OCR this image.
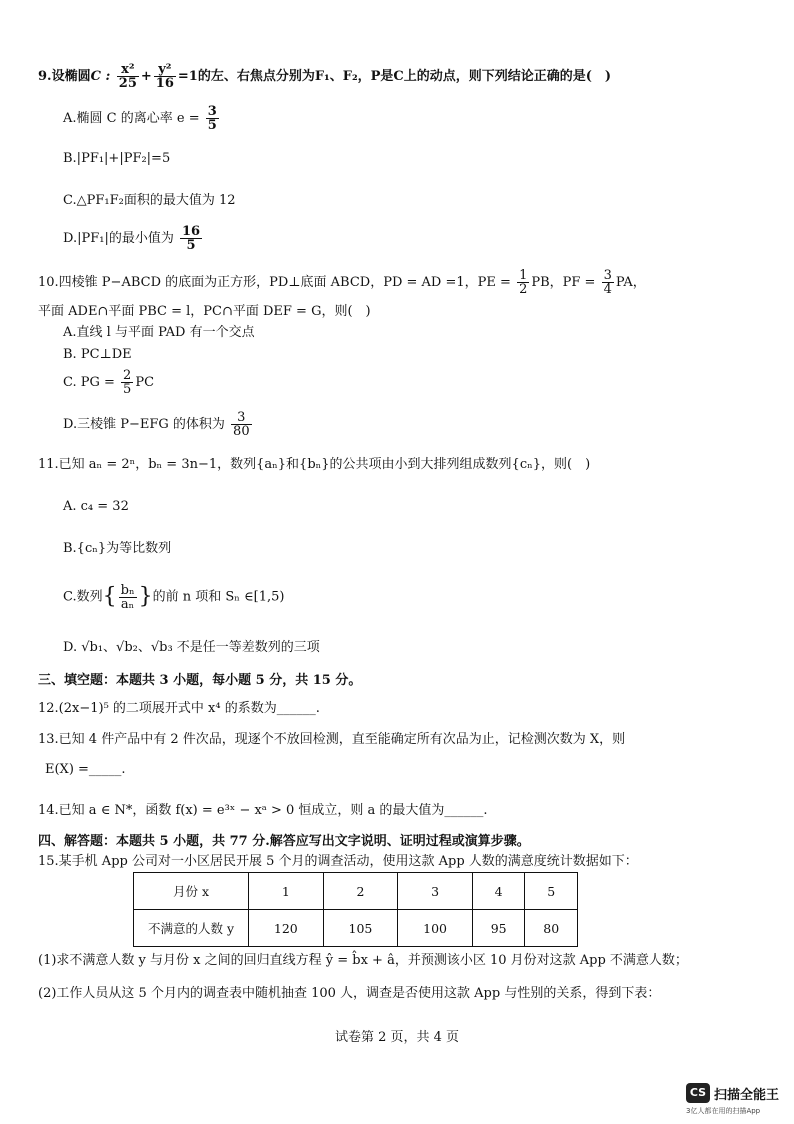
9.设椭圆C : $\frac{\text{x²}}{25} + \frac{\text{y²}}{16} =1$的左、右焦点分别为F₁、F₂，P是C上的动点，则下列结论正确的是(　)
A.椭圆 C 的离心率 $e = \frac{3}{5}$
B.|PF₁|+|PF₂|=5
C.△PF₁F₂面积的最大值为 12
D.|PF₁|的最小值为 $\frac{16}{5}$
10.四棱锥 P−ABCD 的底面为正方形，PD⊥底面 ABCD，PD = AD =1，PE = $\frac{1}{2}$ PB，PF = $\frac{3}{4}$ PA，
平面 ADE∩平面 PBC = l，PC∩平面 DEF = G，则(　)
A.直线 l 与平面 PAD 有一个交点
B. PC⊥DE
C. PG = $\frac{2}{5}$ PC
D.三棱锥 P−EFG 的体积为 $\frac{3}{80}$
11.已知 aₙ = 2ⁿ，bₙ = 3n−1，数列{aₙ}和{bₙ}的公共项由小到大排列组成数列{cₙ}，则(　)
A. c₄ = 32
B.{cₙ}为等比数列
C.数列{ $\frac{\text{bₙ}}{\text{aₙ}}$ }的前 n 项和 Sₙ ∈[1,5)
D. √b₁、√b₂、√b₃ 不是任一等差数列的三项
三、填空题：本题共 3 小题，每小题 5 分，共 15 分。
12.(2x−1)⁵ 的二项展开式中 x⁴ 的系数为______.
13.已知 4 件产品中有 2 件次品，现逐个不放回检测，直至能确定所有次品为止，记检测次数为 X，则
E(X) =_____.
14.已知 a ∈ N*，函数 f(x) = e³ˣ − xᵃ > 0 恒成立，则 a 的最大值为______.
四、解答题：本题共 5 小题，共 77 分.解答应写出文字说明、证明过程或演算步骤。
15.某手机 App 公司对一小区居民开展 5 个月的调查活动，使用这款 App 人数的满意度统计数据如下：
月份 x	1	2	3	4	5
不满意的人数 y	120	105	100	95	80
(1)求不满意人数 y 与月份 x 之间的回归直线方程 ŷ = b̂x + â，并预测该小区 10 月份对这款 App 不满意人数；
(2)工作人员从这 5 个月内的调查表中随机抽查 100 人，调查是否使用这款 App 与性别的关系，得到下表：
试卷第 2 页，共 4 页
CS 扫描全能王
3亿人都在用的扫描App
